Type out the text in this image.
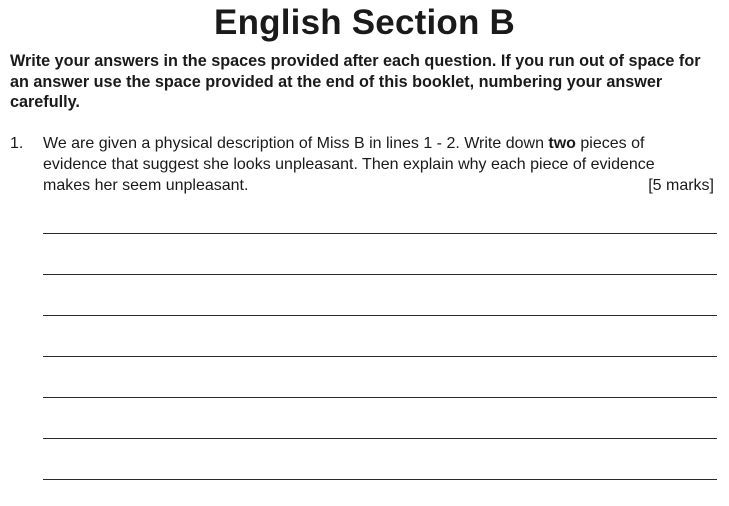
English Section B
Write your answers in the spaces provided after each question. If you run out of space for an answer use the space provided at the end of this booklet, numbering your answer carefully.
1. We are given a physical description of Miss B in lines 1 - 2. Write down two pieces of
evidence that suggest she looks unpleasant. Then explain why each piece of evidence
makes her seem unpleasant.	[5 marks]
